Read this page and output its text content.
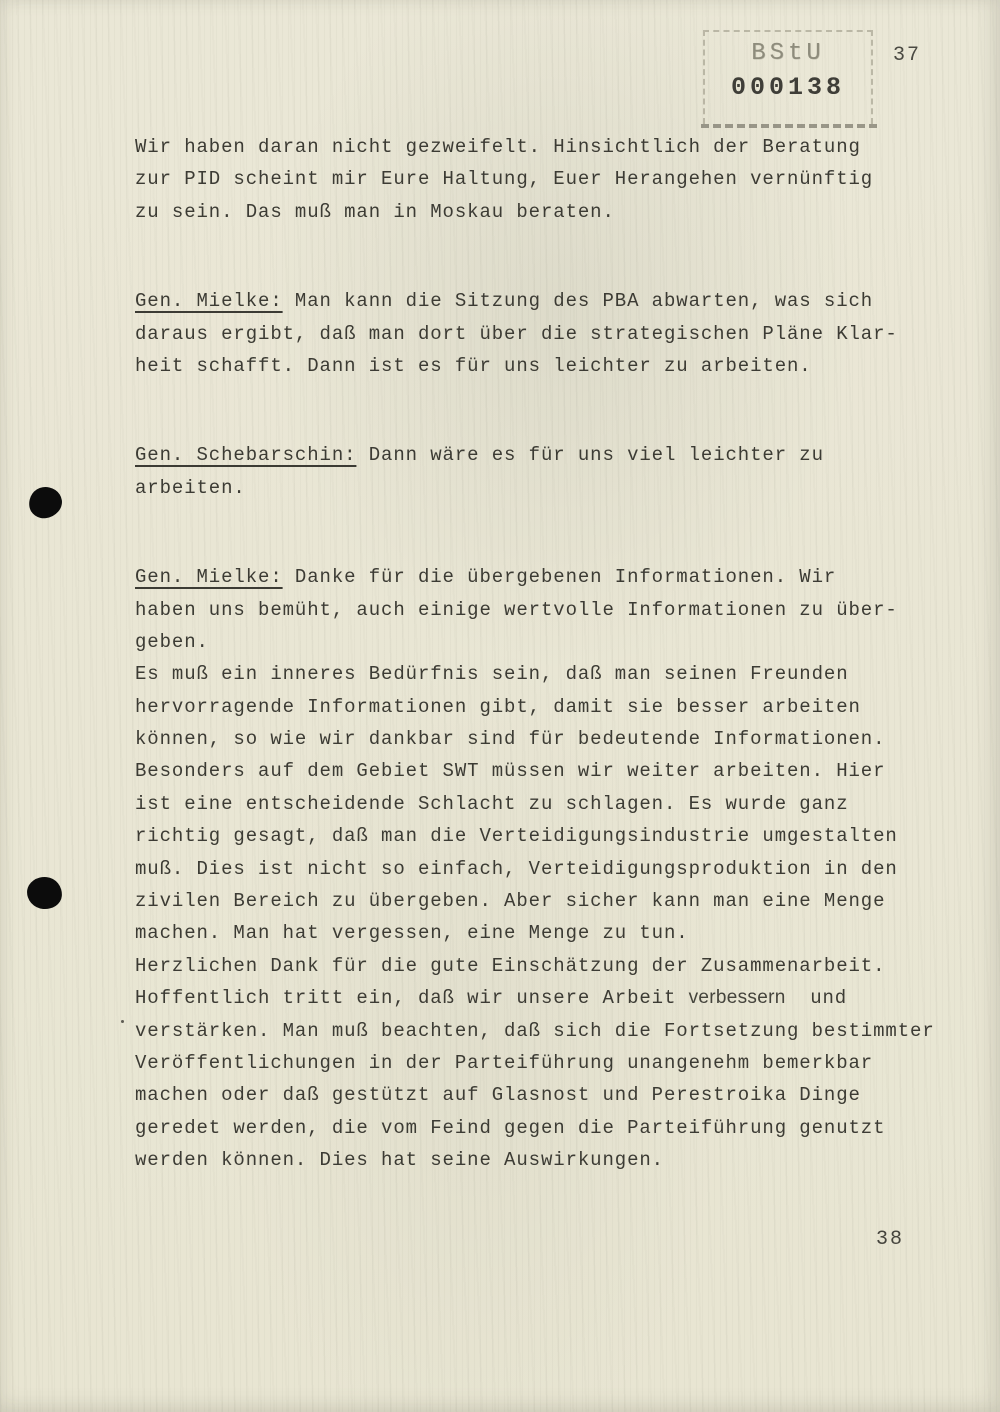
BStU
000138
37
Wir haben daran nicht gezweifelt. Hinsichtlich der Beratung
zur PID scheint mir Eure Haltung, Euer Herangehen vernünftig
zu sein. Das muß man in Moskau beraten.
Gen. Mielke: Man kann die Sitzung des PBA abwarten, was sich
daraus ergibt, daß man dort über die strategischen Pläne Klar-
heit schafft. Dann ist es für uns leichter zu arbeiten.
Gen. Schebarschin: Dann wäre es für uns viel leichter zu
arbeiten.
Gen. Mielke: Danke für die übergebenen Informationen. Wir
haben uns bemüht, auch einige wertvolle Informationen zu über-
geben.
Es muß ein inneres Bedürfnis sein, daß man seinen Freunden
hervorragende Informationen gibt, damit sie besser arbeiten
können, so wie wir dankbar sind für bedeutende Informationen.
Besonders auf dem Gebiet SWT müssen wir weiter arbeiten. Hier
ist eine entscheidende Schlacht zu schlagen. Es wurde ganz
richtig gesagt, daß man die Verteidigungsindustrie umgestalten
muß. Dies ist nicht so einfach, Verteidigungsproduktion in den
zivilen Bereich zu übergeben. Aber sicher kann man eine Menge
machen. Man hat vergessen, eine Menge zu tun.
Herzlichen Dank für die gute Einschätzung der Zusammenarbeit.
Hoffentlich tritt ein, daß wir unsere Arbeit verbessern  und
verstärken. Man muß beachten, daß sich die Fortsetzung bestimmter
Veröffentlichungen in der Parteiführung unangenehm bemerkbar
machen oder daß gestützt auf Glasnost und Perestroika Dinge
geredet werden, die vom Feind gegen die Parteiführung genutzt
werden können. Dies hat seine Auswirkungen.
38
